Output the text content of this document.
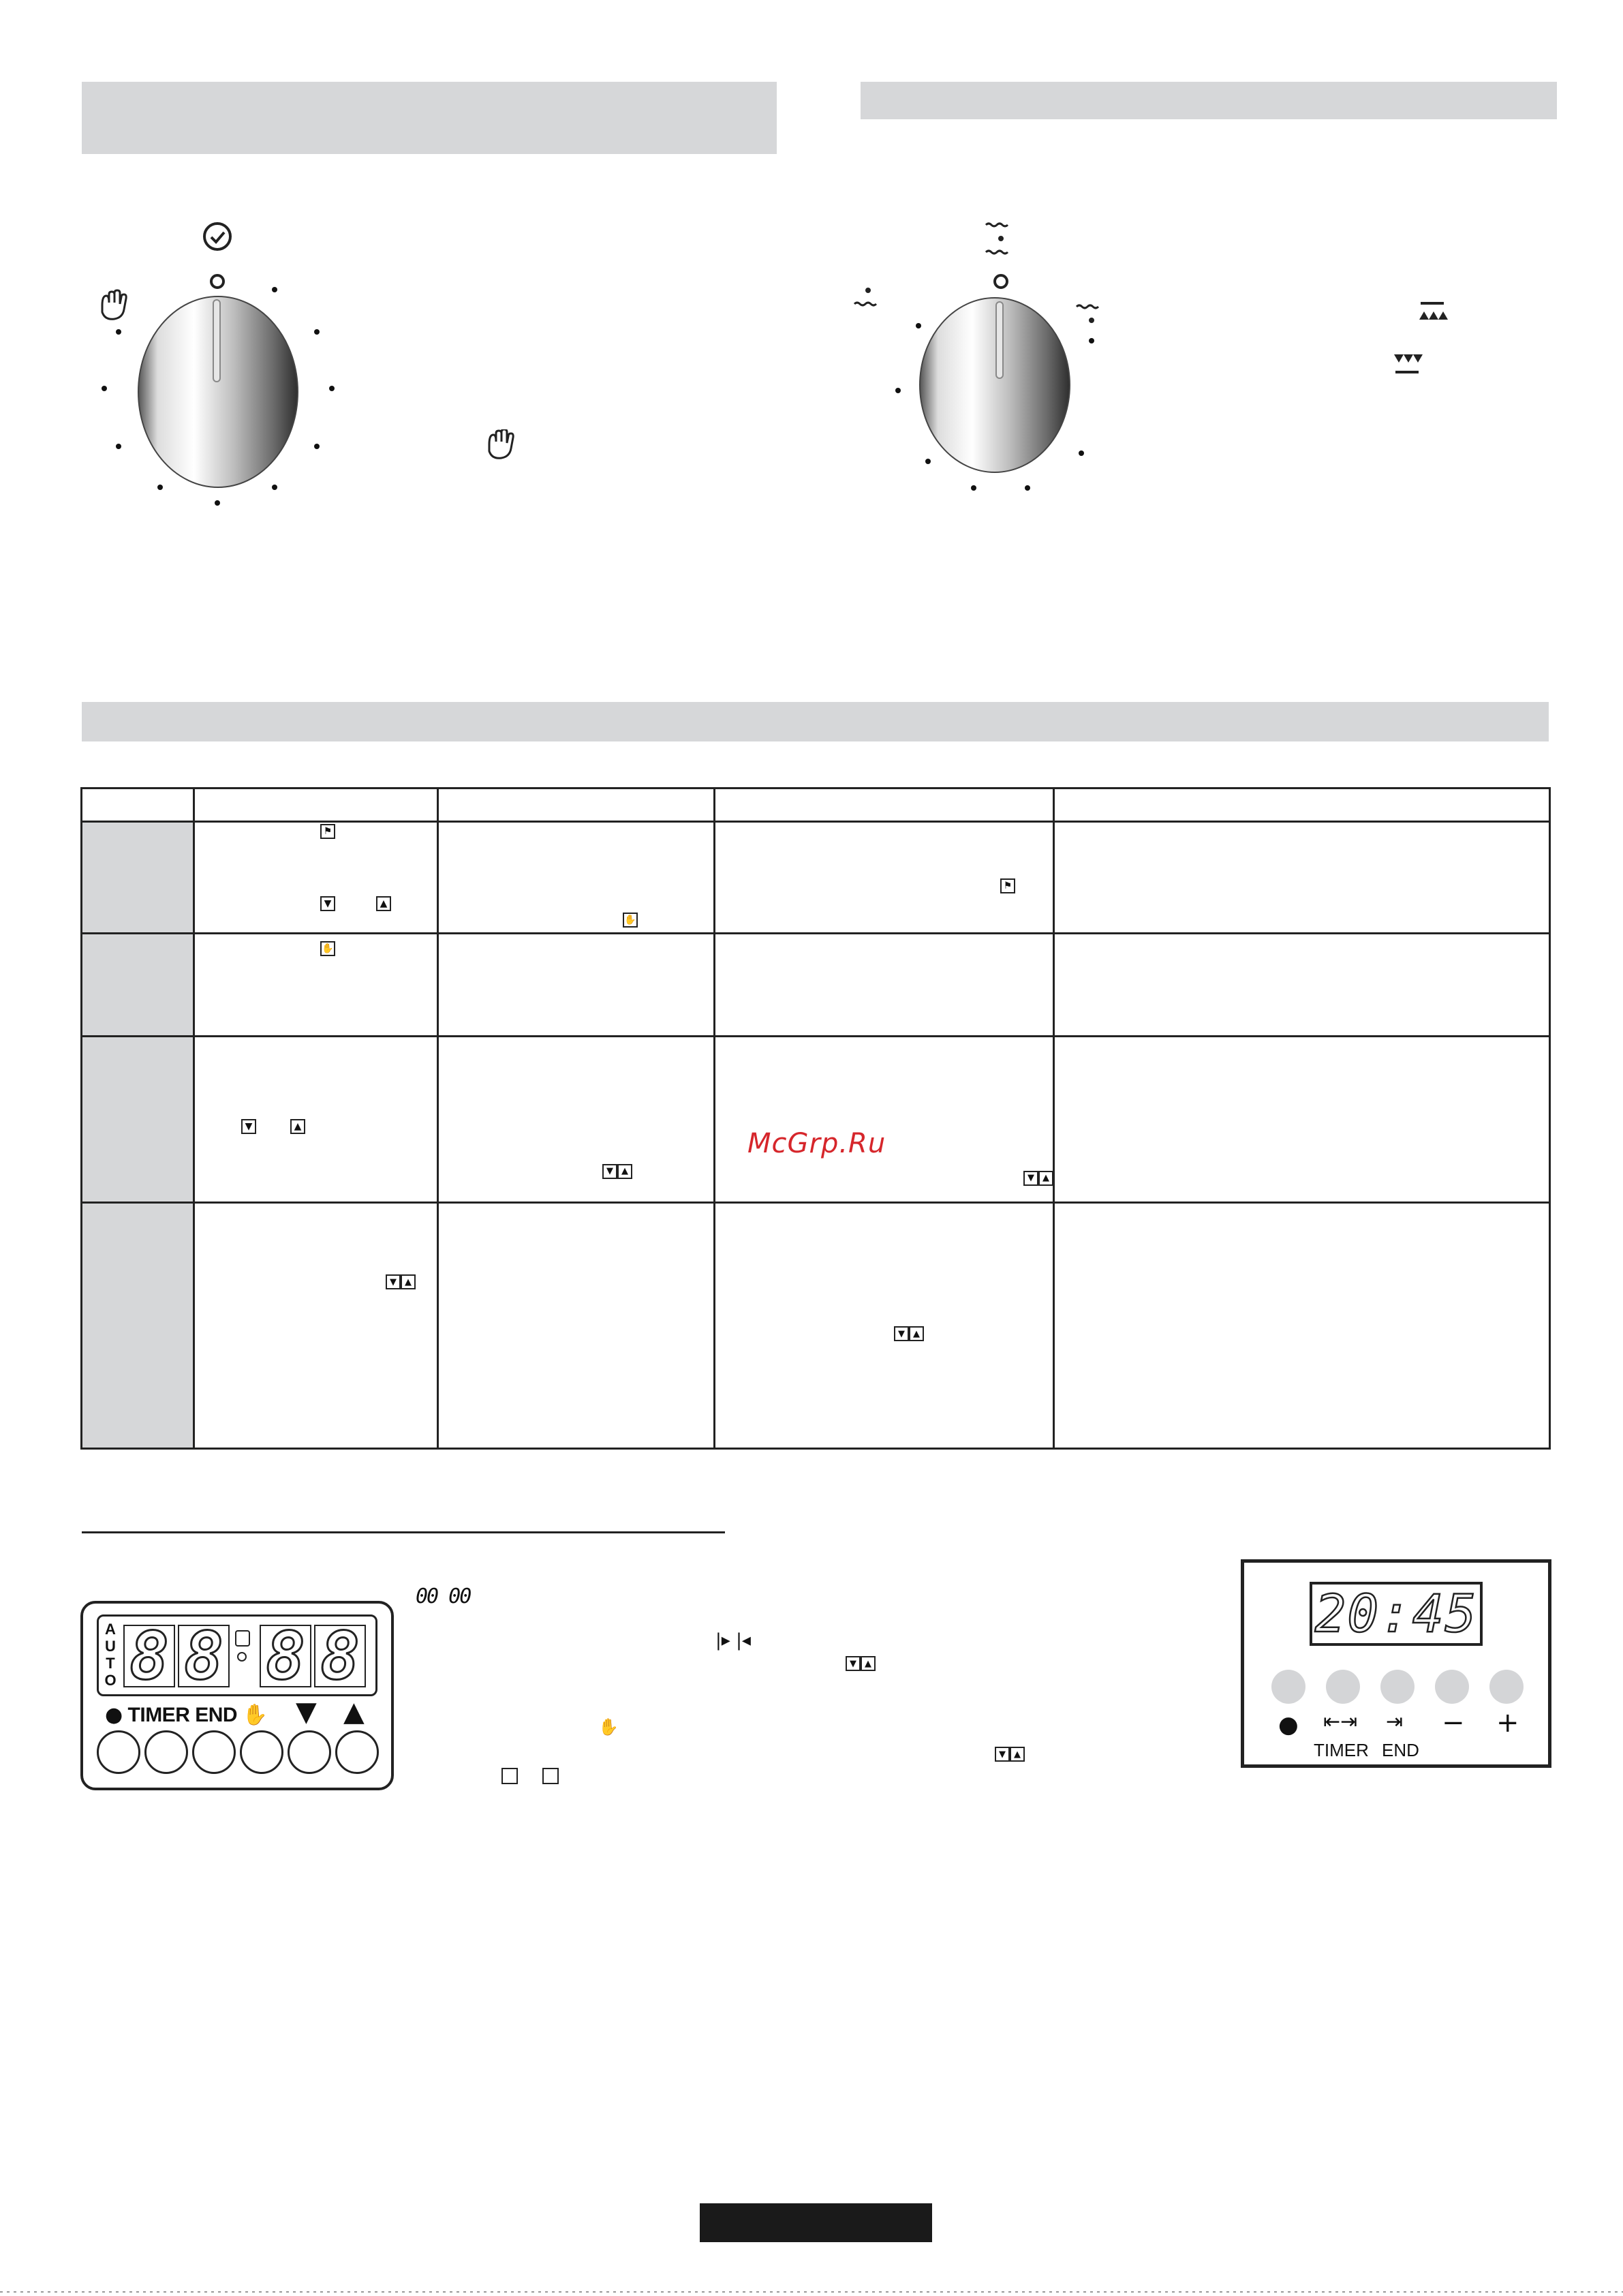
⚑
▼ ▲	✋	⚑	

✋			

▼ ▲	▼ ▲	▼ ▲	

▼ ▲		▼ ▲	

McGrp.Ru
A
U
T
O 8 8 8 8
● TIMER END ✋ ▼ ▲
00 00
|▸ |◂
▼ ▲
✋
▼ ▲
20:45
● ⇤⇥ ⇥ − +
TIMER END
